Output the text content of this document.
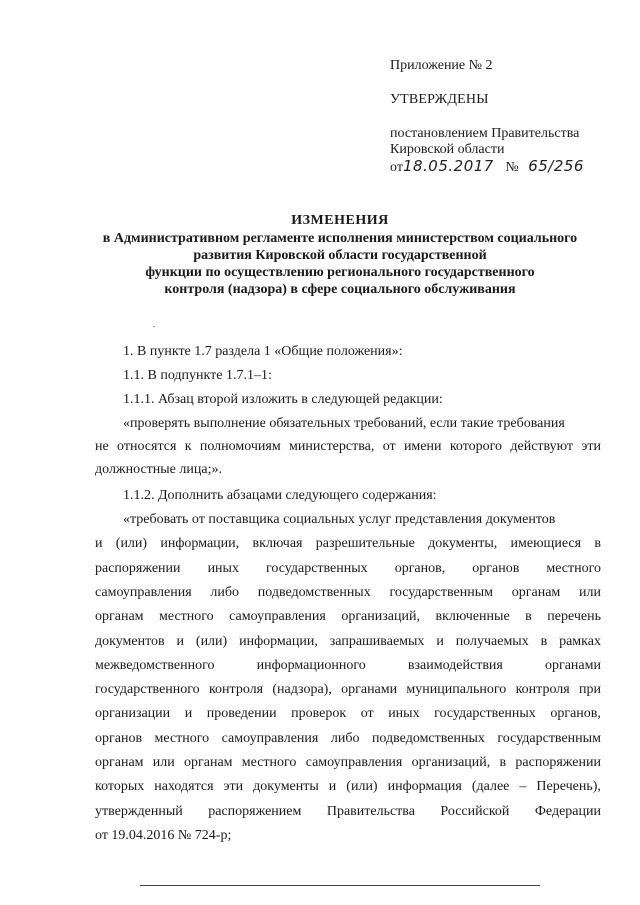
Приложение № 2
УТВЕРЖДЕНЫ
постановлением Правительства
Кировской области
от18.05.2017 № 65/256
ИЗМЕНЕНИЯ
в Административном регламенте исполнения министерством социального
развития Кировской области государственной
функции по осуществлению регионального государственного
контроля (надзора) в сфере социального обслуживания
1. В пункте 1.7 раздела 1 «Общие положения»:
1.1. В подпункте 1.7.1–1:
1.1.1. Абзац второй изложить в следующей редакции:
«проверять выполнение обязательных требований, если такие требования
не относятся к полномочиям министерства, от имени которого действуют эти
должностные лица;».
1.1.2. Дополнить абзацами следующего содержания:
«требовать от поставщика социальных услуг представления документов
и (или) информации, включая разрешительные документы, имеющиеся в
распоряжении иных государственных органов, органов местного
самоуправления либо подведомственных государственным органам или
органам местного самоуправления организаций, включенные в перечень
документов и (или) информации, запрашиваемых и получаемых в рамках
межведомственного	информационного	взаимодействия	органами
государственного контроля (надзора), органами муниципального контроля при
организации и проведении проверок от иных государственных органов,
органов местного самоуправления либо подведомственных государственным
органам или органам местного самоуправления организаций, в распоряжении
которых находятся эти документы и (или) информация (далее – Перечень),
утвержденный распоряжением Правительства Российской Федерации
от 19.04.2016 № 724-р;
